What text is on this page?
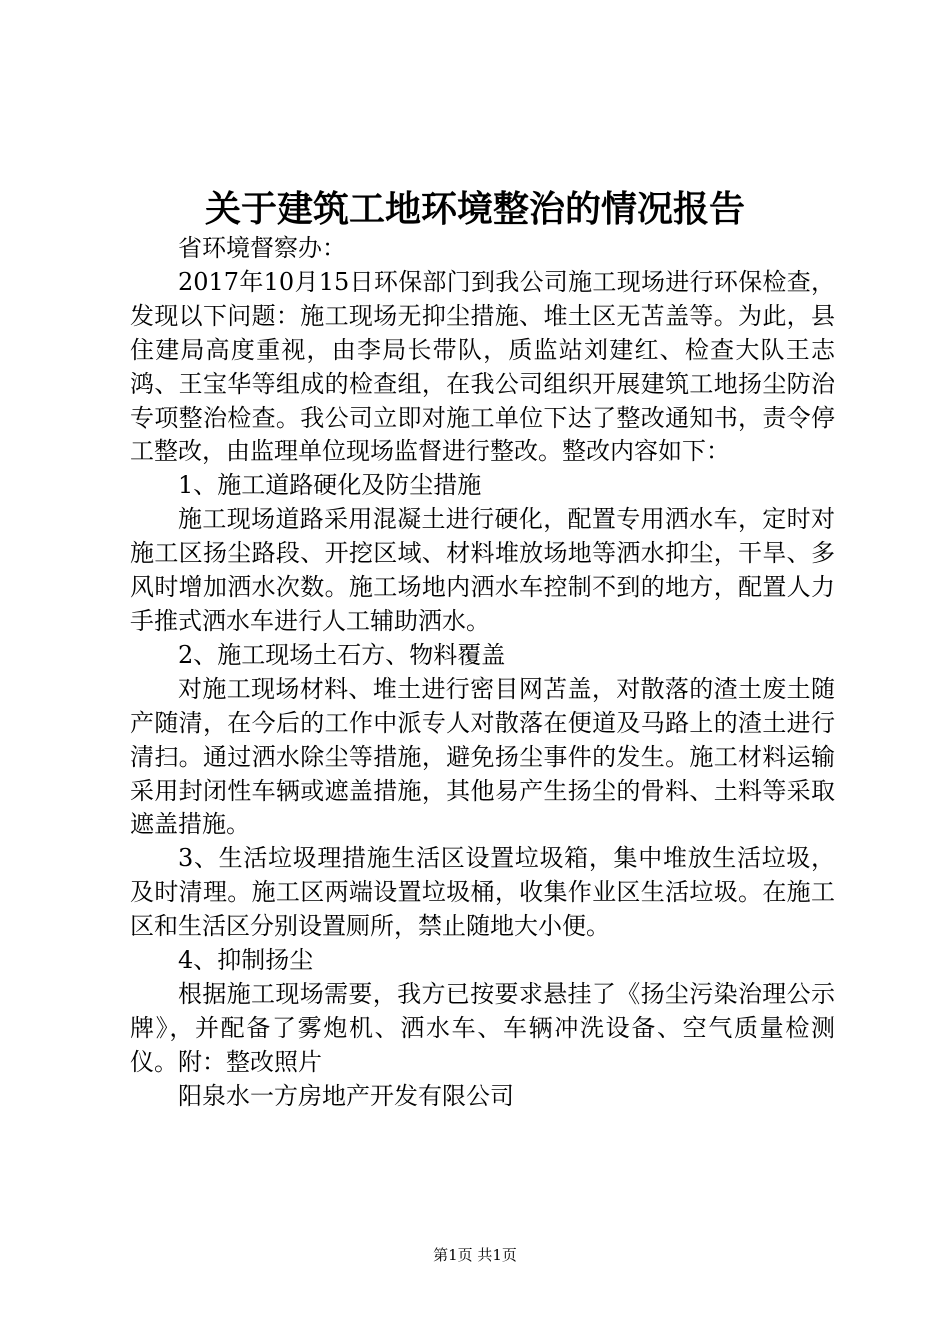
关于建筑工地环境整治的情况报告

省环境督察办：

2017年10月15日环保部门到我公司施工现场进行环保检查，发现以下问题：施工现场无抑尘措施、堆土区无苫盖等。为此，县住建局高度重视，由李局长带队，质监站刘建红、检查大队王志鸿、王宝华等组成的检查组，在我公司组织开展建筑工地扬尘防治专项整治检查。我公司立即对施工单位下达了整改通知书，责令停工整改，由监理单位现场监督进行整改。整改内容如下：

1、施工道路硬化及防尘措施

施工现场道路采用混凝土进行硬化，配置专用洒水车，定时对施工区扬尘路段、开挖区域、材料堆放场地等洒水抑尘，干旱、多风时增加洒水次数。施工场地内洒水车控制不到的地方，配置人力手推式洒水车进行人工辅助洒水。

2、施工现场土石方、物料覆盖

对施工现场材料、堆土进行密目网苫盖，对散落的渣土废土随产随清，在今后的工作中派专人对散落在便道及马路上的渣土进行清扫。通过洒水除尘等措施，避免扬尘事件的发生。施工材料运输采用封闭性车辆或遮盖措施，其他易产生扬尘的骨料、土料等采取遮盖措施。

3、生活垃圾理措施生活区设置垃圾箱，集中堆放生活垃圾，及时清理。施工区两端设置垃圾桶，收集作业区生活垃圾。在施工区和生活区分别设置厕所，禁止随地大小便。

4、抑制扬尘

根据施工现场需要，我方已按要求悬挂了《扬尘污染治理公示牌》，并配备了雾炮机、洒水车、车辆冲洗设备、空气质量检测仪。附：整改照片

阳泉水一方房地产开发有限公司

第1页 共1页
